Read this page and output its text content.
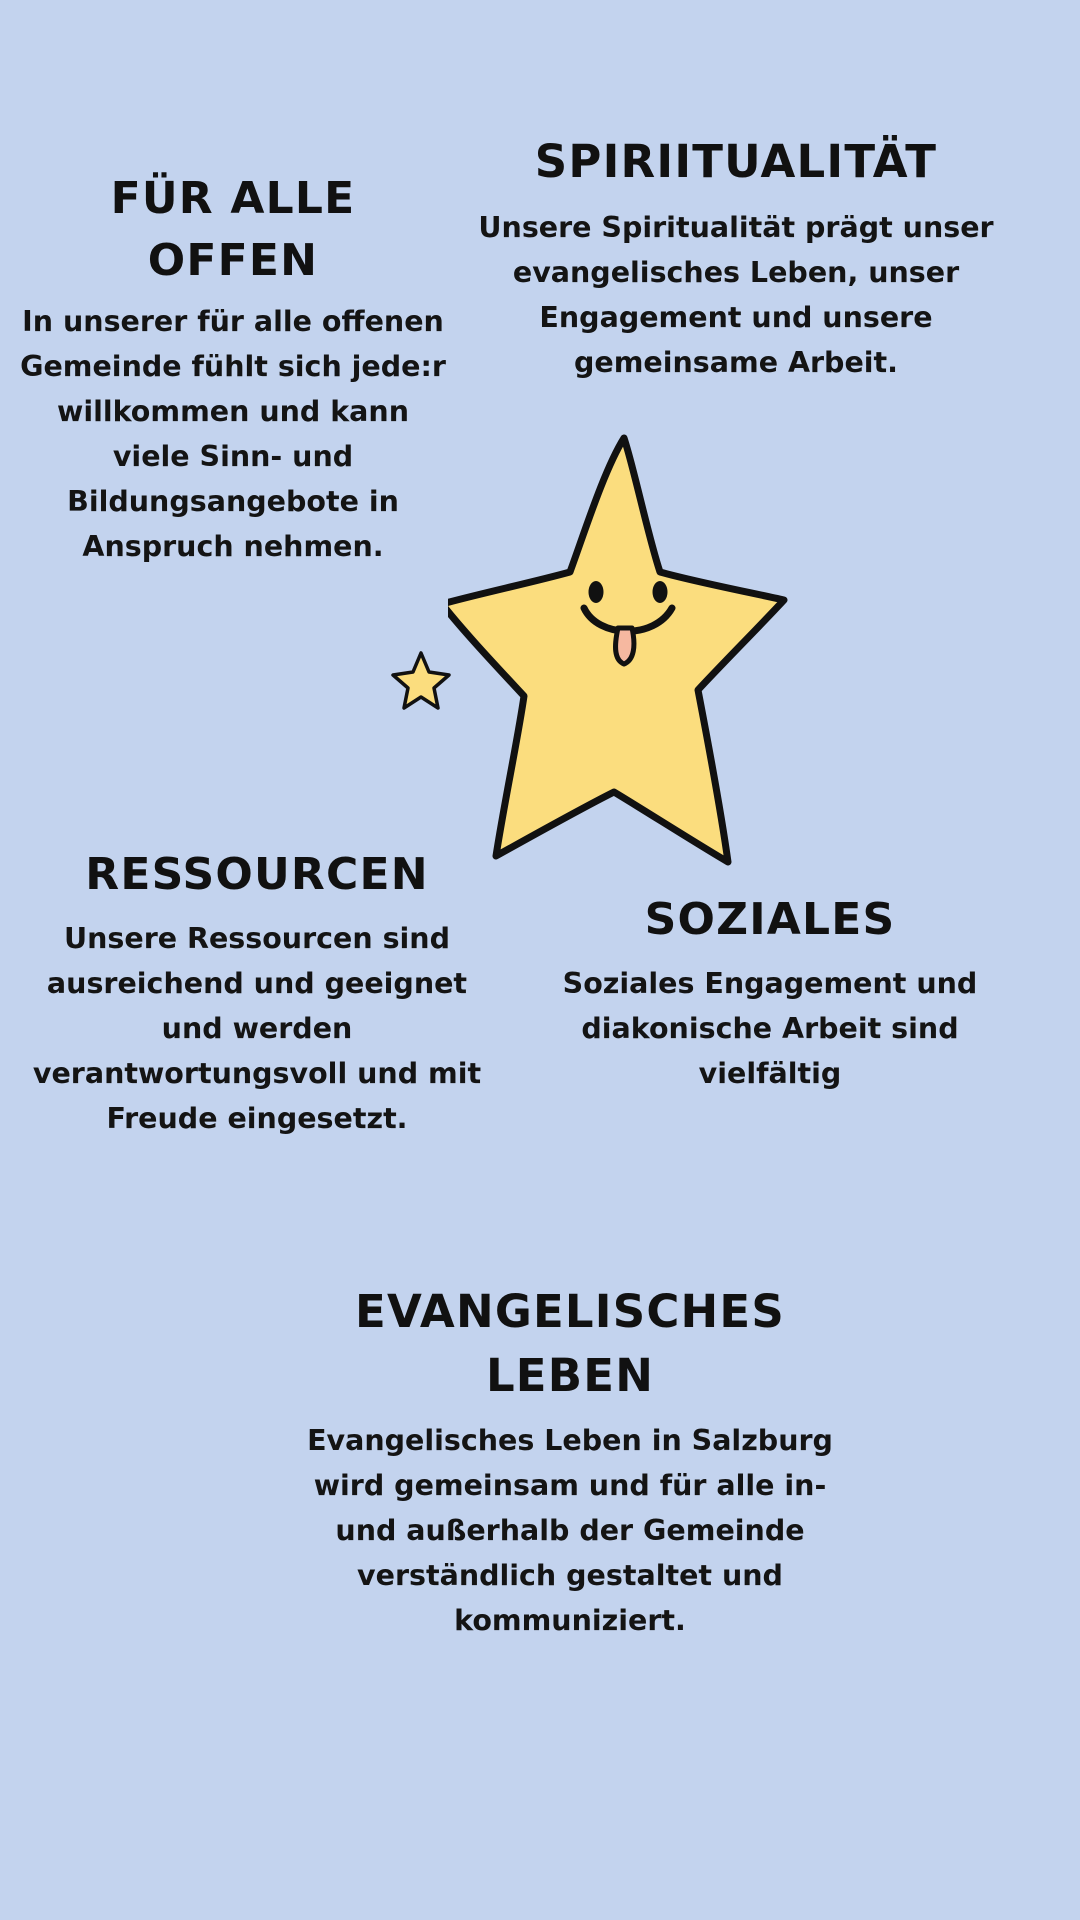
FÜR ALLE OFFEN

In unserer für alle offenen Gemeinde fühlt sich jede:r willkommen und kann viele Sinn- und Bildungsangebote in Anspruch nehmen.

SPIRIITUALITÄT

Unsere Spiritualität prägt unser evangelisches Leben, unser Engagement und unsere gemeinsame Arbeit.

RESSOURCEN

Unsere Ressourcen sind ausreichend und geeignet und werden verantwortungsvoll und mit Freude eingesetzt.

SOZIALES

Soziales Engagement und diakonische Arbeit sind vielfältig

EVANGELISCHES LEBEN

Evangelisches Leben in Salzburg wird gemeinsam und für alle in- und außerhalb der Gemeinde verständlich gestaltet und kommuniziert.
